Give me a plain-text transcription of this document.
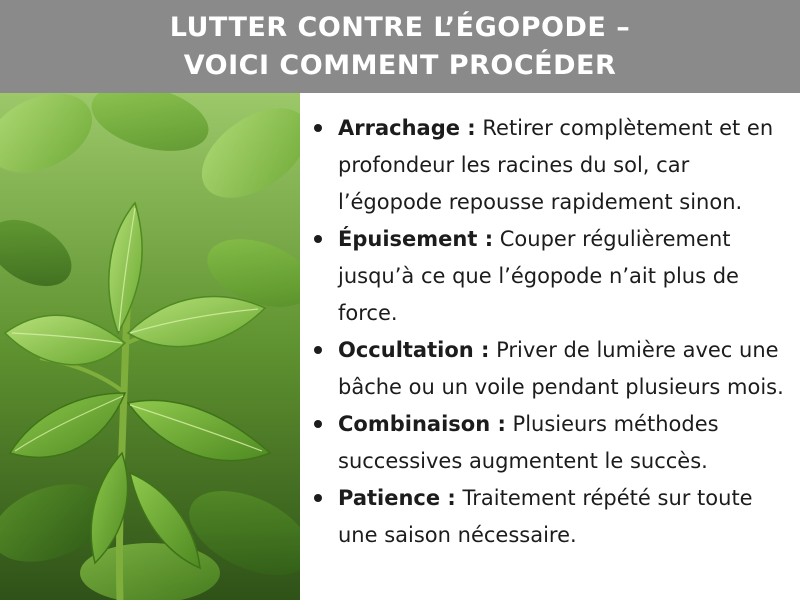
LUTTER CONTRE L’ÉGOPODE –
VOICI COMMENT PROCÉDER
Arrachage : Retirer complètement et en profondeur les racines du sol, car l’égopode repousse rapidement sinon.
Épuisement : Couper régulièrement jusqu’à ce que l’égopode n’ait plus de force.
Occultation : Priver de lumière avec une bâche ou un voile pendant plusieurs mois.
Combinaison : Plusieurs méthodes successives augmentent le succès.
Patience : Traitement répété sur toute une saison nécessaire.
